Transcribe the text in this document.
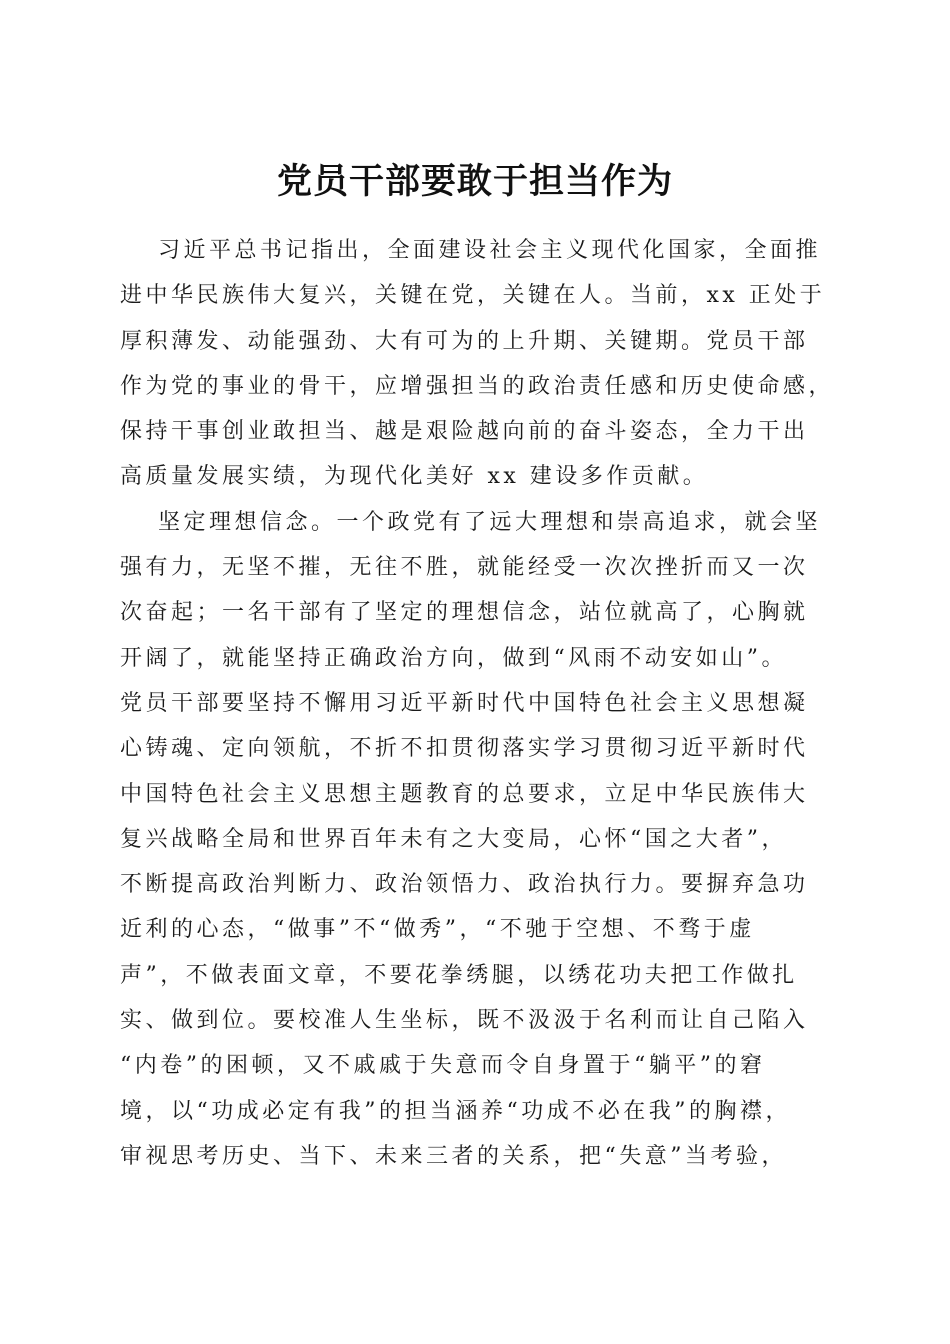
党员干部要敢于担当作为
习近平总书记指出，全面建设社会主义现代化国家，全面推
进中华民族伟大复兴，关键在党，关键在人。当前，xx 正处于
厚积薄发、动能强劲、大有可为的上升期、关键期。党员干部
作为党的事业的骨干，应增强担当的政治责任感和历史使命感，
保持干事创业敢担当、越是艰险越向前的奋斗姿态，全力干出
高质量发展实绩，为现代化美好 xx 建设多作贡献。
坚定理想信念。一个政党有了远大理想和崇高追求，就会坚
强有力，无坚不摧，无往不胜，就能经受一次次挫折而又一次
次奋起；一名干部有了坚定的理想信念，站位就高了，心胸就
开阔了，就能坚持正确政治方向，做到“风雨不动安如山”。
党员干部要坚持不懈用习近平新时代中国特色社会主义思想凝
心铸魂、定向领航，不折不扣贯彻落实学习贯彻习近平新时代
中国特色社会主义思想主题教育的总要求，立足中华民族伟大
复兴战略全局和世界百年未有之大变局，心怀“国之大者”，
不断提高政治判断力、政治领悟力、政治执行力。要摒弃急功
近利的心态，“做事”不“做秀”，“不驰于空想、不骛于虚
声”，不做表面文章，不要花拳绣腿，以绣花功夫把工作做扎
实、做到位。要校准人生坐标，既不汲汲于名利而让自己陷入
“内卷”的困顿，又不戚戚于失意而令自身置于“躺平”的窘
境，以“功成必定有我”的担当涵养“功成不必在我”的胸襟，
审视思考历史、当下、未来三者的关系，把“失意”当考验，
